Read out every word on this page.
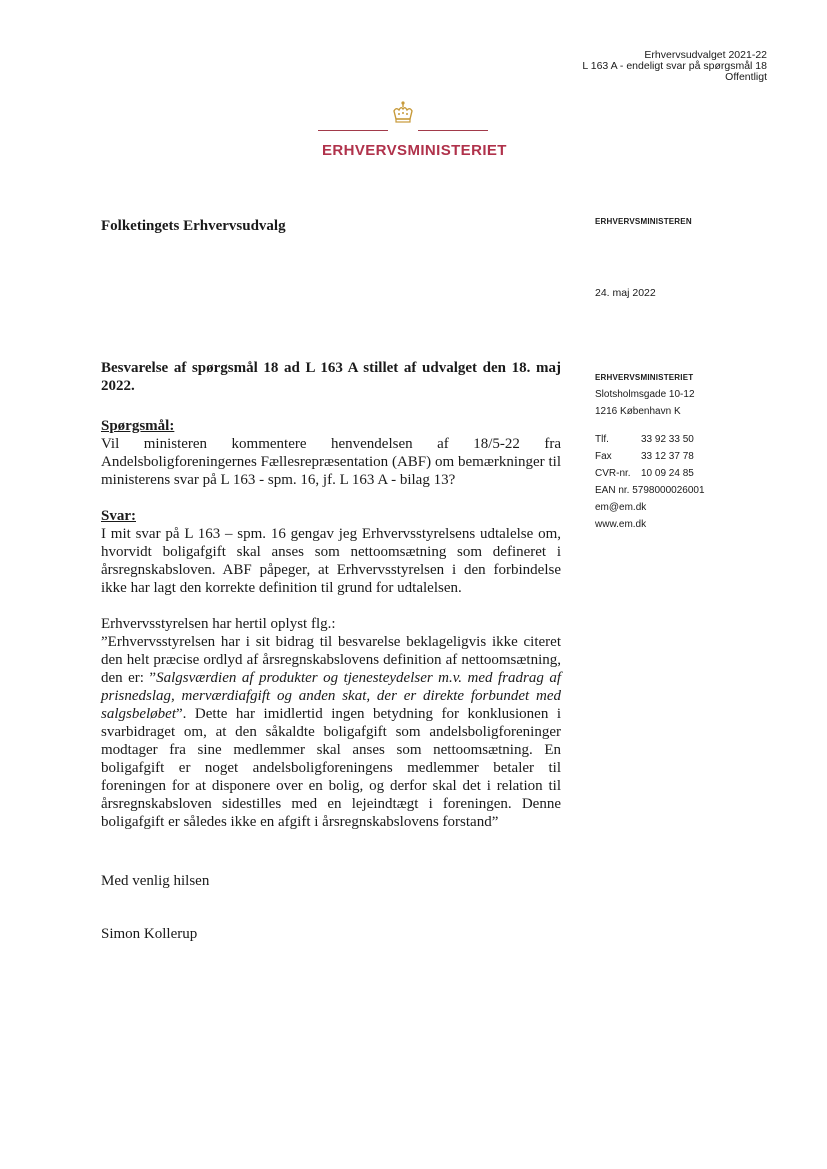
Erhvervsudvalget 2021-22
L 163 A - endeligt svar på spørgsmål 18
Offentligt
ERHVERVSMINISTERIET
Folketingets Erhvervsudvalg	ERHVERVSMINISTEREN
24. maj 2022
ERHVERVSMINISTERIET
Slotsholmsgade 10-12
1216 København K
Tlf.	33 92 33 50
Fax	33 12 37 78
CVR-nr.	10 09 24 85
EAN nr. 5798000026001
em@em.dk
www.em.dk

Besvarelse af spørgsmål 18 ad L 163 A stillet af udvalget den 18. maj 2022.

Spørgsmål:

Vil ministeren kommentere henvendelsen af 18/5-22 fra Andelsboligforeningernes Fællesrepræsentation (ABF) om bemærkninger til ministerens svar på L 163 - spm. 16, jf. L 163 A - bilag 13?

Svar:

I mit svar på L 163 – spm. 16 gengav jeg Erhvervsstyrelsens udtalelse om, hvorvidt boligafgift skal anses som nettoomsætning som defineret i årsregnskabsloven. ABF påpeger, at Erhvervsstyrelsen i den forbindelse ikke har lagt den korrekte definition til grund for udtalelsen.

Erhvervsstyrelsen har hertil oplyst flg.:

”Erhvervsstyrelsen har i sit bidrag til besvarelse beklageligvis ikke citeret den helt præcise ordlyd af årsregnskabslovens definition af nettoomsætning, den er: ”Salgsværdien af produkter og tjenesteydelser m.v. med fradrag af prisnedslag, merværdiafgift og anden skat, der er direkte forbundet med salgsbeløbet”. Dette har imidlertid ingen betydning for konklusionen i svarbidraget om, at den såkaldte boligafgift som andelsboligforeninger modtager fra sine medlemmer skal anses som nettoomsætning. En boligafgift er noget andelsboligforeningens medlemmer betaler til foreningen for at disponere over en bolig, og derfor skal det i relation til årsregnskabsloven sidestilles med en lejeindtægt i foreningen. Denne boligafgift er således ikke en afgift i årsregnskabslovens forstand”

Med venlig hilsen
Simon Kollerup
